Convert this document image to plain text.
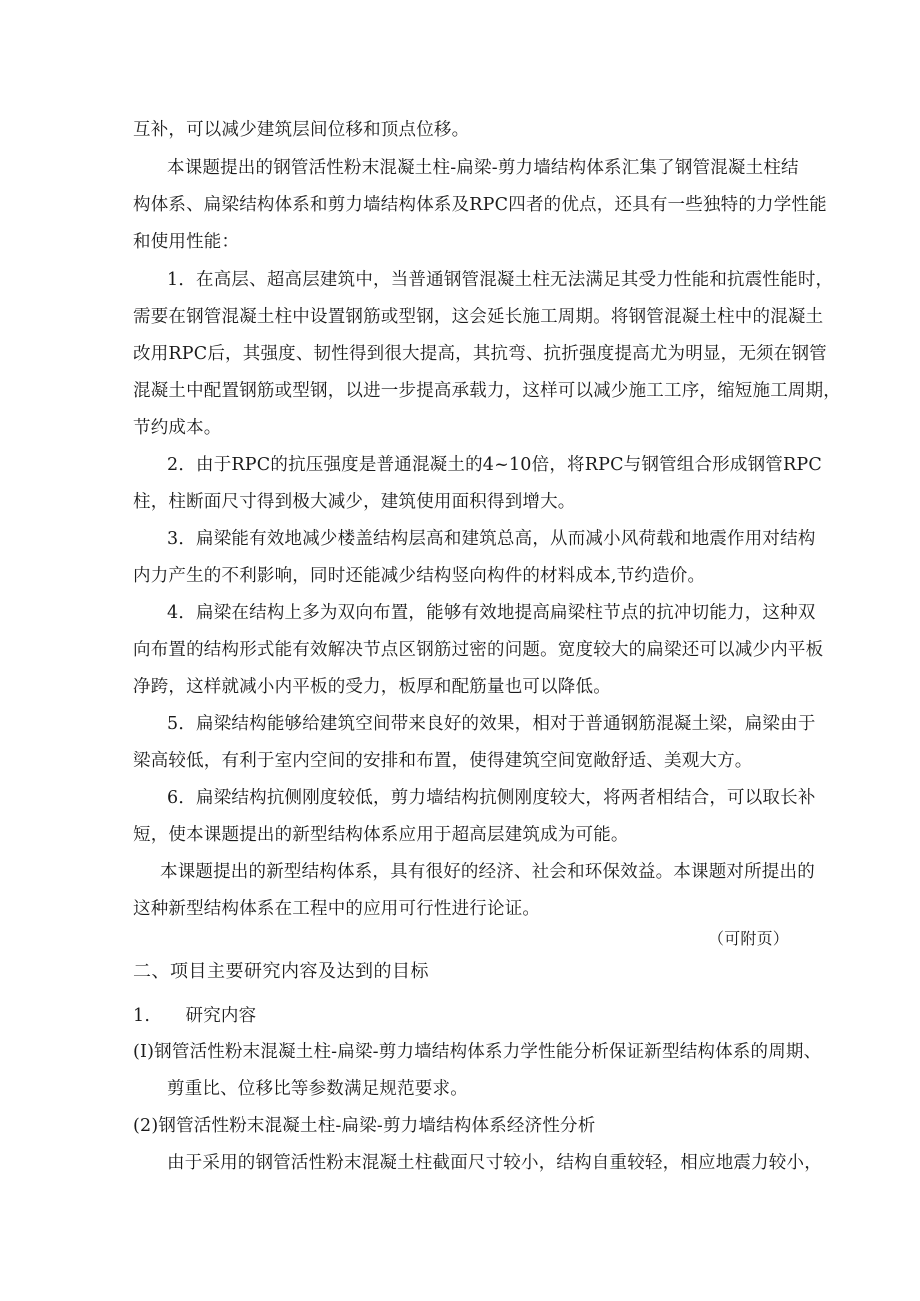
互补，可以减少建筑层间位移和顶点位移。
本课题提出的钢管活性粉末混凝土柱-扁梁-剪力墙结构体系汇集了钢管混凝土柱结
构体系、扁梁结构体系和剪力墙结构体系及RPC四者的优点，还具有一些独特的力学性能
和使用性能：
1．在高层、超高层建筑中，当普通钢管混凝土柱无法满足其受力性能和抗震性能时，
需要在钢管混凝土柱中设置钢筋或型钢，这会延长施工周期。将钢管混凝土柱中的混凝土
改用RPC后，其强度、韧性得到很大提高，其抗弯、抗折强度提高尤为明显，无须在钢管
混凝土中配置钢筋或型钢，以进一步提高承载力，这样可以减少施工工序，缩短施工周期，
节约成本。
2．由于RPC的抗压强度是普通混凝土的4~10倍，将RPC与钢管组合形成钢管RPC
柱，柱断面尺寸得到极大减少，建筑使用面积得到增大。
3．扁梁能有效地减少楼盖结构层高和建筑总高，从而减小风荷载和地震作用对结构
内力产生的不利影响，同时还能减少结构竖向构件的材料成本,节约造价。
4．扁梁在结构上多为双向布置，能够有效地提高扁梁柱节点的抗冲切能力，这种双
向布置的结构形式能有效解决节点区钢筋过密的问题。宽度较大的扁梁还可以减少内平板
净跨，这样就减小内平板的受力，板厚和配筋量也可以降低。
5．扁梁结构能够给建筑空间带来良好的效果，相对于普通钢筋混凝土梁，扁梁由于
梁高较低，有利于室内空间的安排和布置，使得建筑空间宽敞舒适、美观大方。
6．扁梁结构抗侧刚度较低，剪力墙结构抗侧刚度较大，将两者相结合，可以取长补
短，使本课题提出的新型结构体系应用于超高层建筑成为可能。
本课题提出的新型结构体系，具有很好的经济、社会和环保效益。本课题对所提出的
这种新型结构体系在工程中的应用可行性进行论证。
（可附页）
二、项目主要研究内容及达到的目标
1.　　研究内容
(I)钢管活性粉末混凝土柱-扁梁-剪力墙结构体系力学性能分析保证新型结构体系的周期、
剪重比、位移比等参数满足规范要求。
(2)钢管活性粉末混凝土柱-扁梁-剪力墙结构体系经济性分析
由于采用的钢管活性粉末混凝土柱截面尺寸较小，结构自重较轻，相应地震力较小，
